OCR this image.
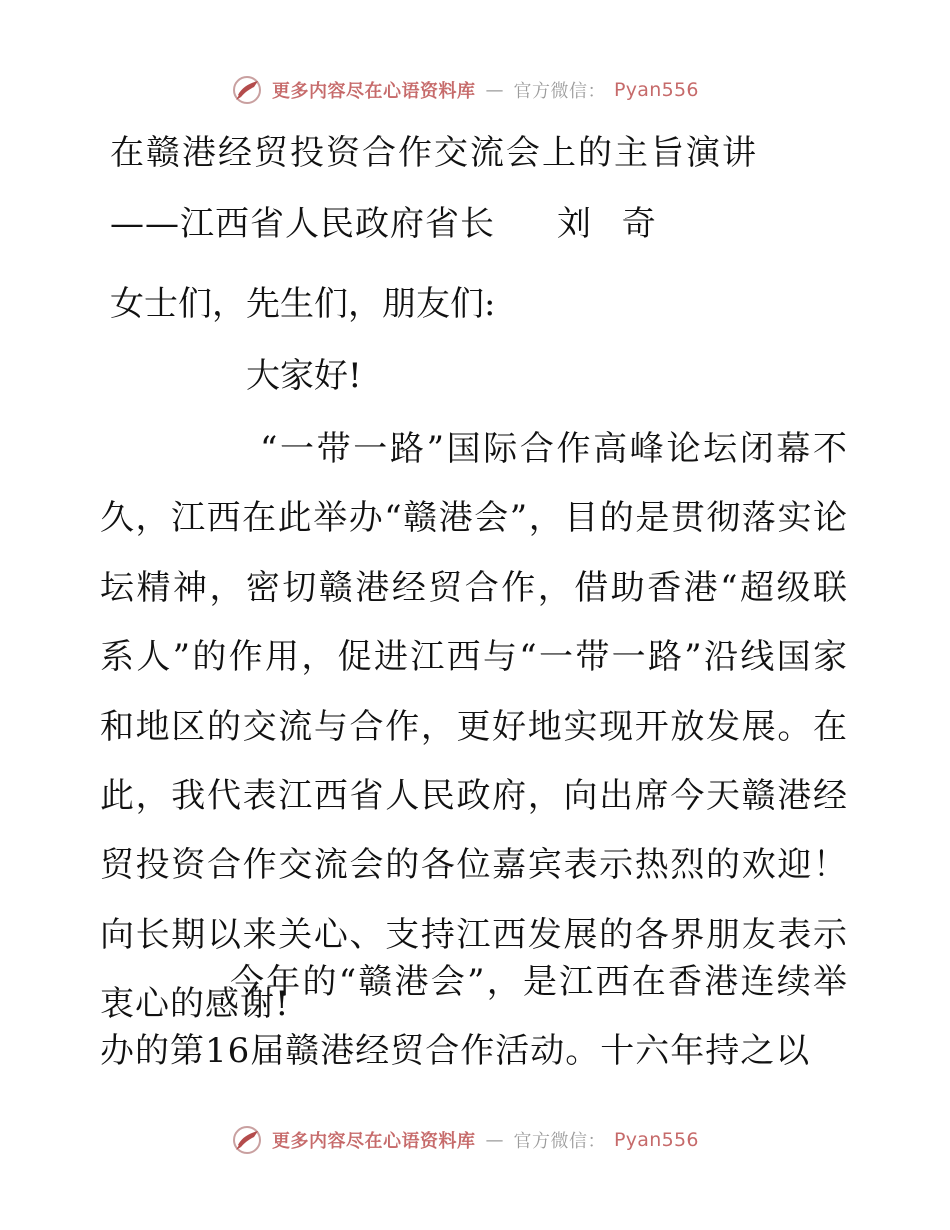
更多内容尽在心语资料库 — 官方微信： Pyan556
在赣港经贸投资合作交流会上的主旨演讲
——江西省人民政府省长 刘 奇
女士们，先生们，朋友们:
大家好!

“一带一路”国际合作高峰论坛闭幕不久，江西在此举办“赣港会”，目的是贯彻落实论坛精神，密切赣港经贸合作，借助香港“超级联系人”的作用，促进江西与“一带一路”沿线国家和地区的交流与合作，更好地实现开放发展。在此，我代表江西省人民政府，向出席今天赣港经贸投资合作交流会的各位嘉宾表示热烈的欢迎！向长期以来关心、支持江西发展的各界朋友表示衷心的感谢!

今年的“赣港会”，是江西在香港连续举办的第16届赣港经贸合作活动。十六年持之以

更多内容尽在心语资料库 — 官方微信： Pyan556
